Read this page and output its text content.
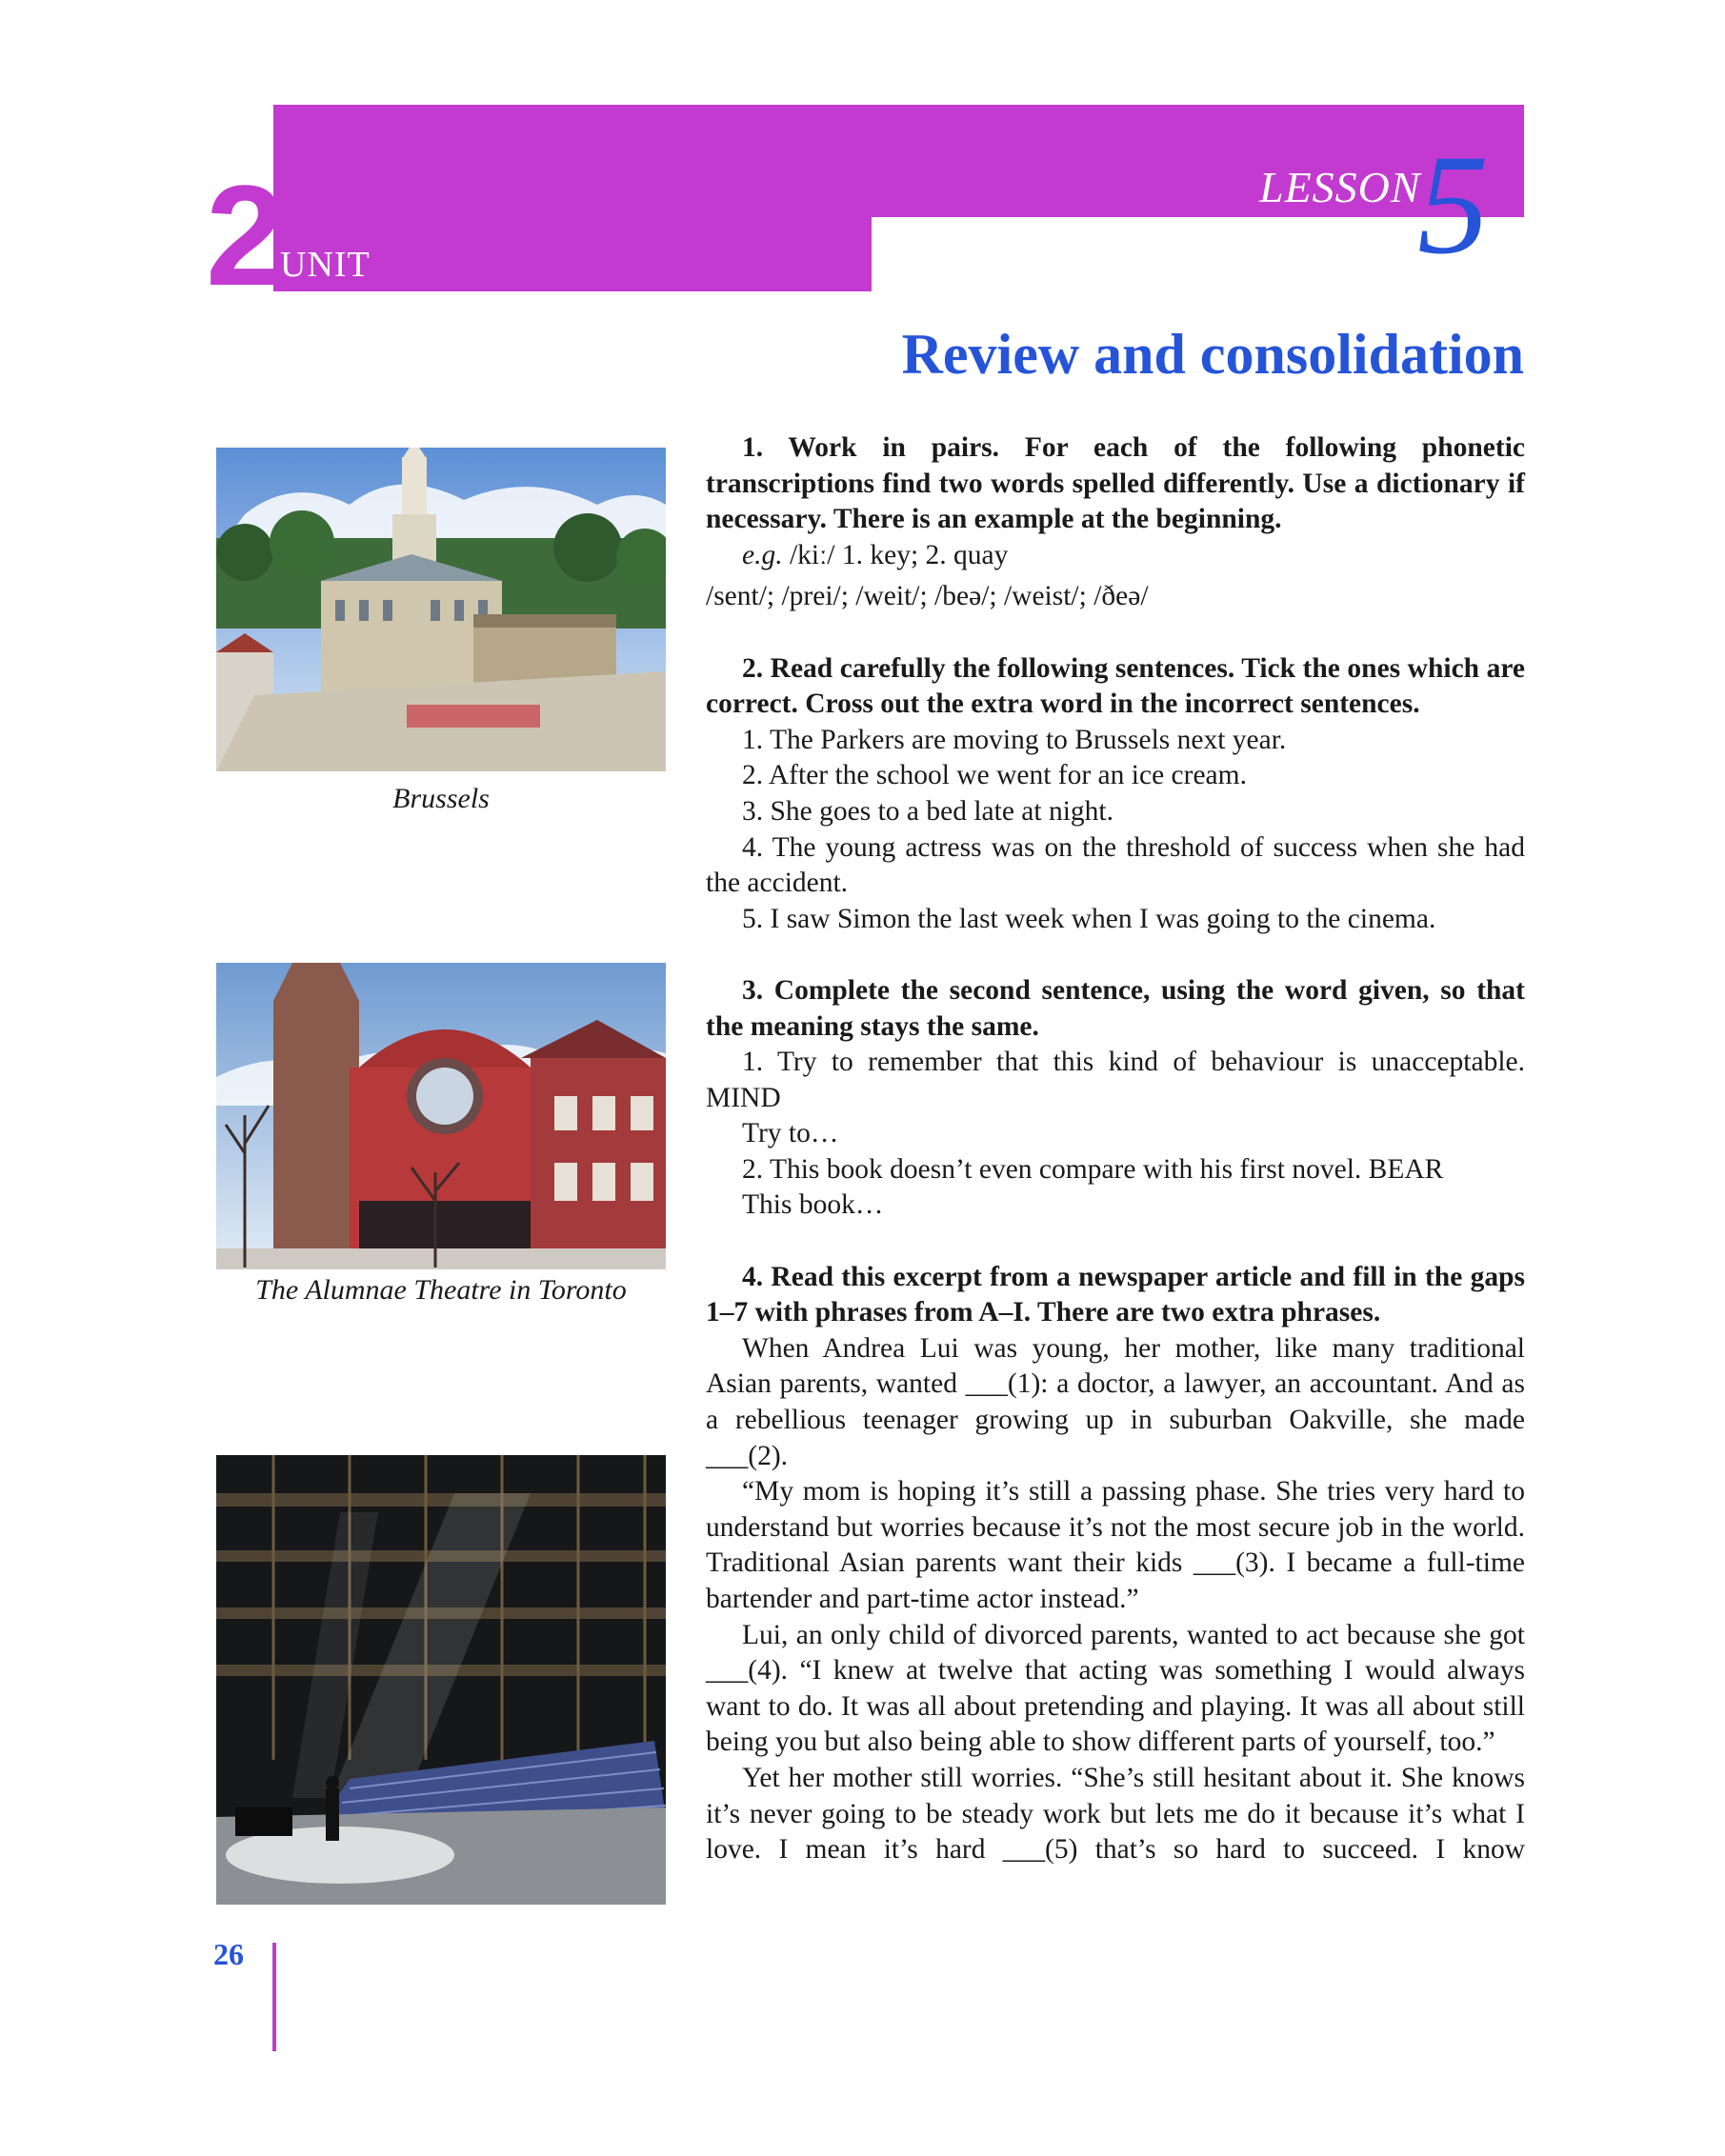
2 UNIT
LESSON
5
Review and consolidation
Brussels
The Alumnae Theatre in Toronto

1. Work in pairs. For each of the following phonetic transcriptions find two words spelled differently. Use a dictionary if necessary. There is an example at the beginning.

e.g. /kiː/ 1. key; 2. quay

/sent/; /prei/; /weit/; /beə/; /weist/; /ðeə/

2. Read carefully the following sentences. Tick the ones which are correct. Cross out the extra word in the incorrect sentences.

1. The Parkers are moving to Brussels next year.

2. After the school we went for an ice cream.

3. She goes to a bed late at night.

4. The young actress was on the threshold of success when she had the accident.

5. I saw Simon the last week when I was going to the cinema.

3. Complete the second sentence, using the word given, so that the meaning stays the same.

1. Try to remember that this kind of behaviour is unacceptable. MIND

Try to…

2. This book doesn’t even compare with his first novel. BEAR

This book…

4. Read this excerpt from a newspaper article and fill in the gaps 1–7 with phrases from A–I. There are two extra phrases.

When Andrea Lui was young, her mother, like many traditional Asian parents, wanted ___(1): a doctor, a lawyer, an accountant. And as a rebellious teenager growing up in suburban Oakville, she made ___(2).

“My mom is hoping it’s still a passing phase. She tries very hard to understand but worries because it’s not the most secure job in the world. Traditional Asian parents want their kids ___(3). I became a full-time bartender and part-time actor instead.”

Lui, an only child of divorced parents, wanted to act because she got ___(4). “I knew at twelve that acting was something I would always want to do. It was all about pretending and playing. It was all about still being you but also being able to show different parts of yourself, too.”

Yet her mother still worries. “She’s still hesitant about it. She knows it’s never going to be steady work but lets me do it because it’s what I love. I mean it’s hard ___(5) that’s so hard to succeed. I know

26
